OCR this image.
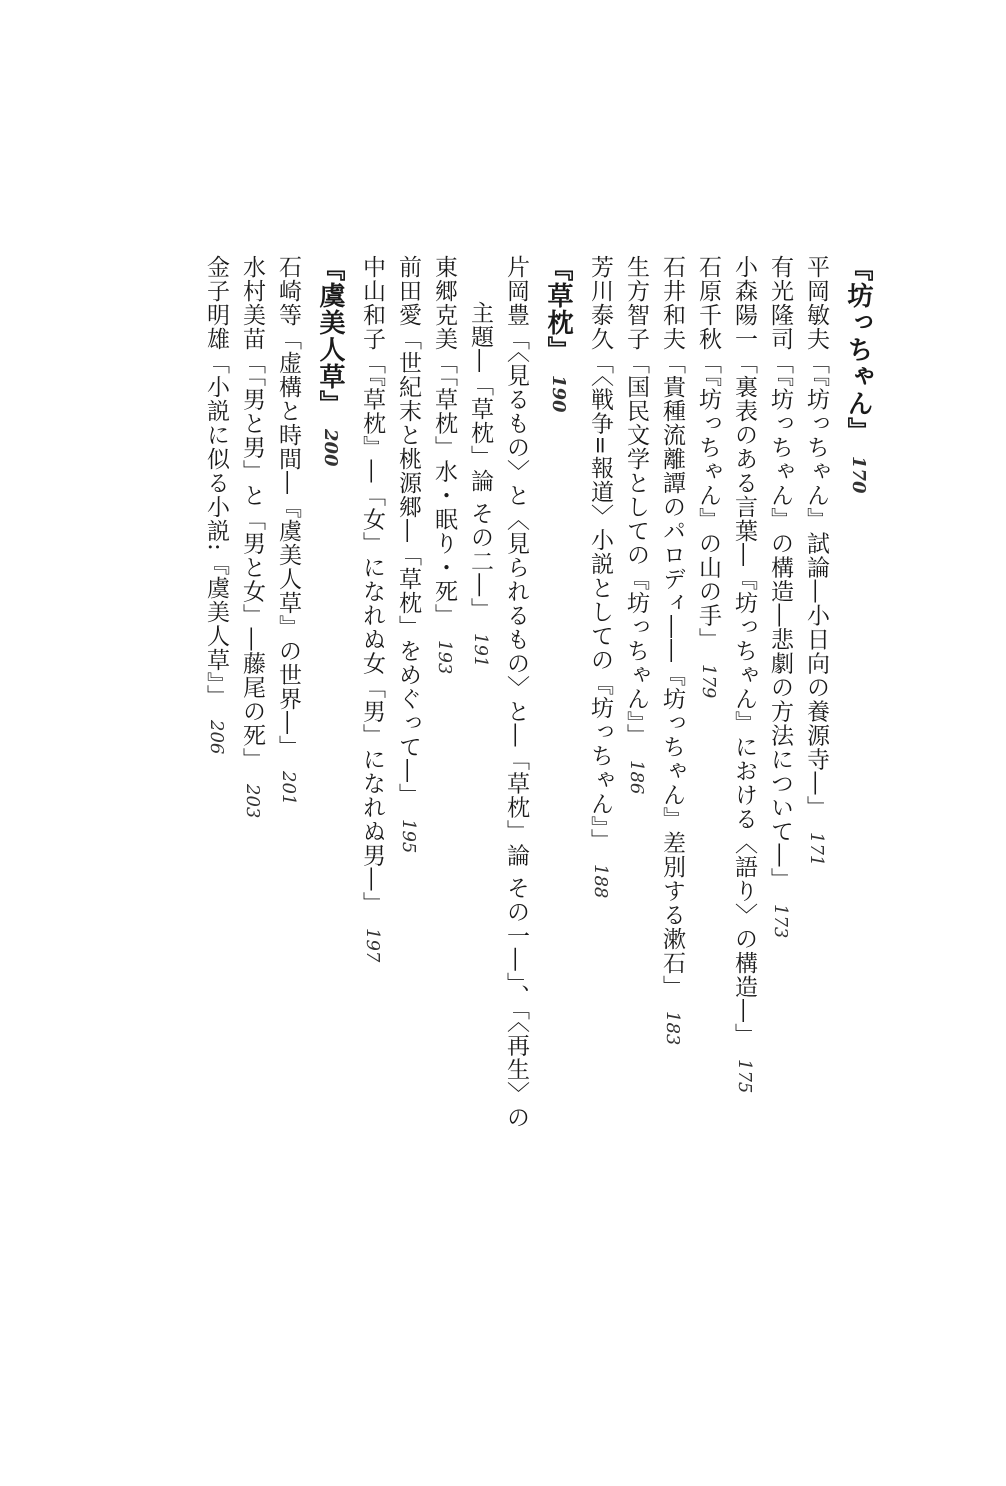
『坊っちゃん』170
平岡敏夫「『坊っちゃん』試論―小日向の養源寺―」171
有光隆司「『坊っちゃん』の構造―悲劇の方法について―」173
小森陽一「裏表のある言葉―『坊っちゃん』における〈語り〉の構造―」175
石原千秋「『坊っちゃん』の山の手」179
石井和夫「貴種流離譚のパロディ――『坊っちゃん』差別する漱石」183
生方智子「国民文学としての『坊っちゃん』」186
芳川泰久「〈戦争=報道〉小説としての『坊っちゃん』」188
『草枕』190
片岡豊「〈見るもの〉と〈見られるもの〉と―「草枕」論 その一―」、「〈再生〉の
主題―「草枕」論 その二―」191
東郷克美「「草枕」水・眠り・死」193
前田愛「世紀末と桃源郷―「草枕」をめぐって―」195
中山和子「『草枕』―「女」になれぬ女「男」になれぬ男―」197
『虞美人草』200
石崎等「虚構と時間―『虞美人草』の世界―」201
水村美苗「「男と男」と「男と女」―藤尾の死」203
金子明雄「小説に似る小説:『虞美人草』」206
